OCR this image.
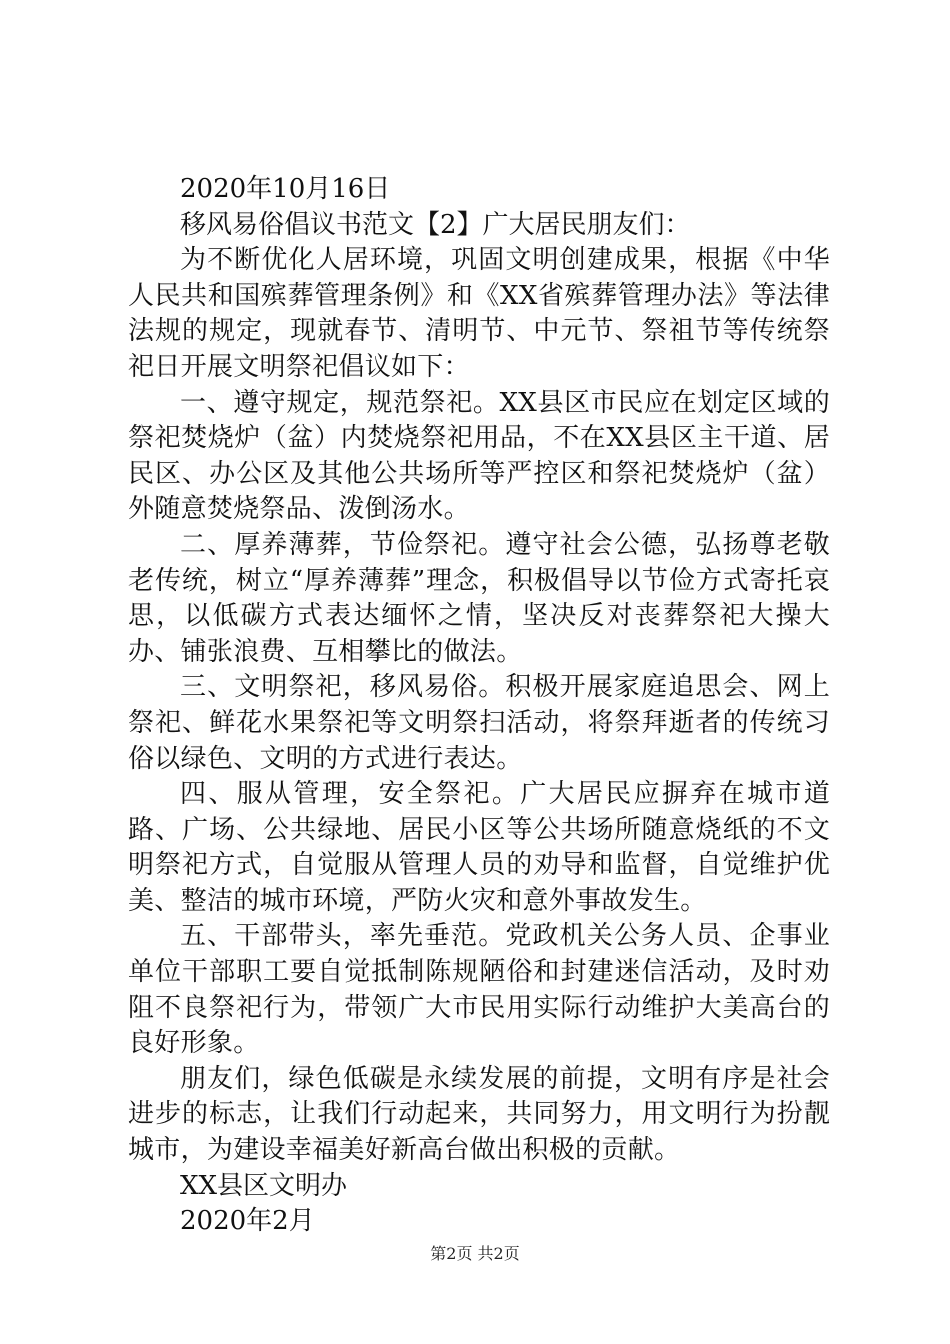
2020年10月16日

移风易俗倡议书范文【2】广大居民朋友们：

为不断优化人居环境，巩固文明创建成果，根据《中华人民共和国殡葬管理条例》和《XX省殡葬管理办法》等法律法规的规定，现就春节、清明节、中元节、祭祖节等传统祭祀日开展文明祭祀倡议如下：

一、遵守规定，规范祭祀。XX县区市民应在划定区域的祭祀焚烧炉（盆）内焚烧祭祀用品，不在XX县区主干道、居民区、办公区及其他公共场所等严控区和祭祀焚烧炉（盆）外随意焚烧祭品、泼倒汤水。

二、厚养薄葬，节俭祭祀。遵守社会公德，弘扬尊老敬老传统，树立“厚养薄葬”理念，积极倡导以节俭方式寄托哀思，以低碳方式表达缅怀之情，坚决反对丧葬祭祀大操大办、铺张浪费、互相攀比的做法。

三、文明祭祀，移风易俗。积极开展家庭追思会、网上祭祀、鲜花水果祭祀等文明祭扫活动，将祭拜逝者的传统习俗以绿色、文明的方式进行表达。

四、服从管理，安全祭祀。广大居民应摒弃在城市道路、广场、公共绿地、居民小区等公共场所随意烧纸的不文明祭祀方式，自觉服从管理人员的劝导和监督，自觉维护优美、整洁的城市环境，严防火灾和意外事故发生。

五、干部带头，率先垂范。党政机关公务人员、企事业单位干部职工要自觉抵制陈规陋俗和封建迷信活动，及时劝阻不良祭祀行为，带领广大市民用实际行动维护大美高台的良好形象。

朋友们，绿色低碳是永续发展的前提，文明有序是社会进步的标志，让我们行动起来，共同努力，用文明行为扮靓城市，为建设幸福美好新高台做出积极的贡献。

XX县区文明办

2020年2月

第2页 共2页
